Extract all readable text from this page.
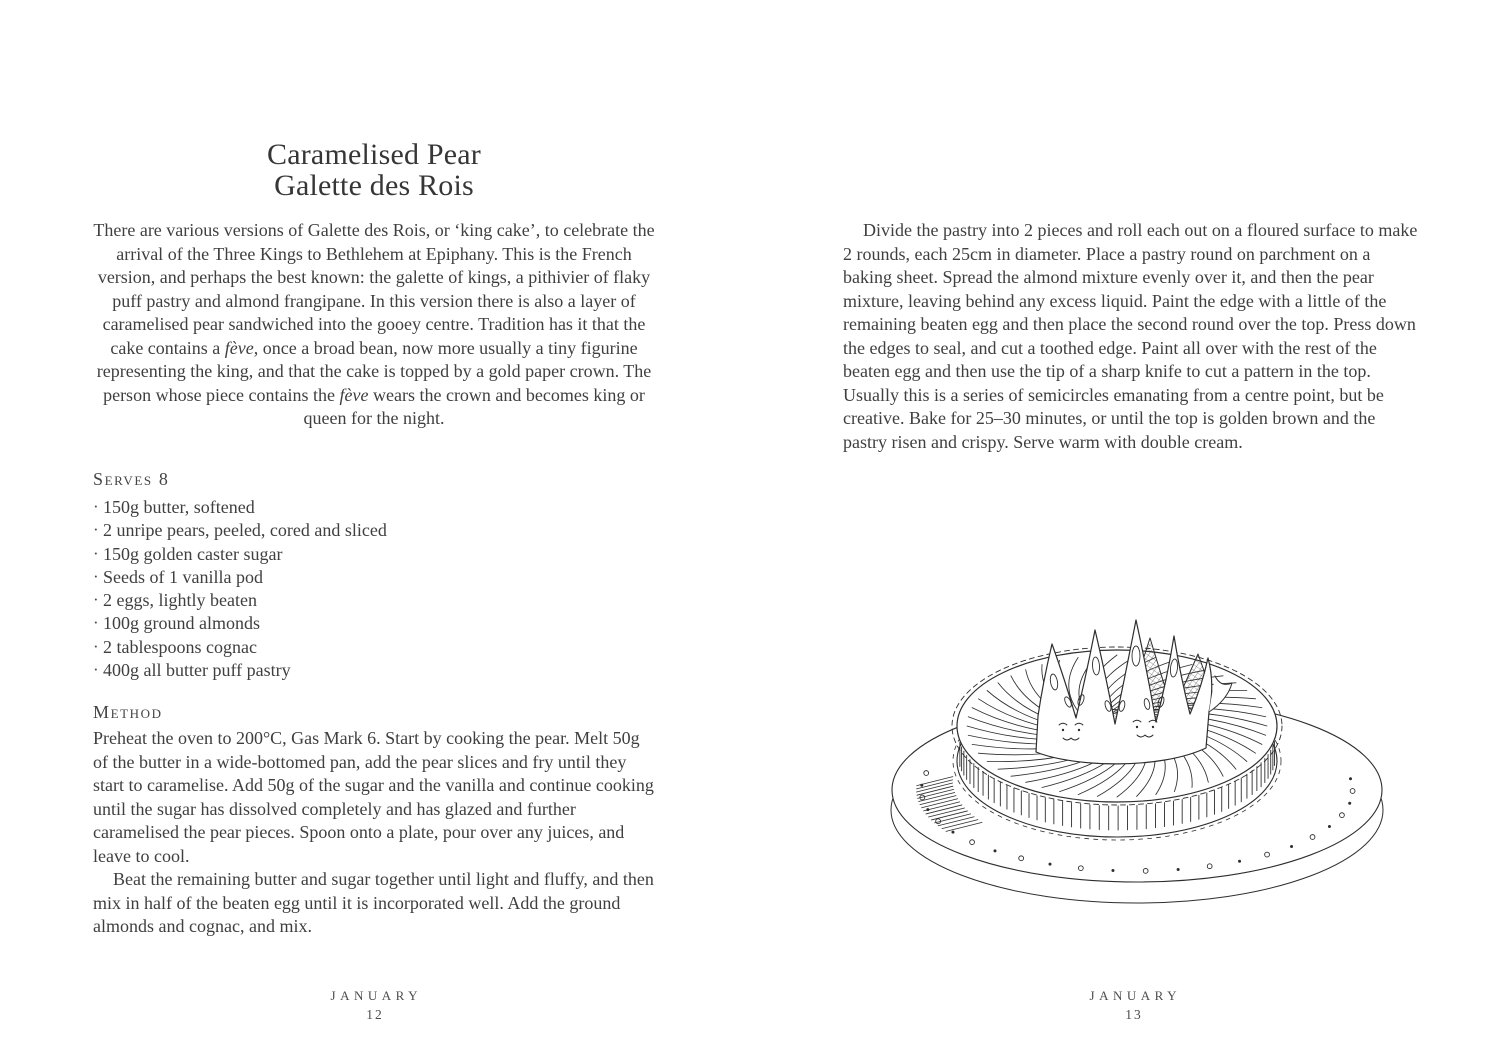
Caramelised Pear
Galette des Rois

There are various versions of Galette des Rois, or ‘king cake’, to celebrate the arrival of the Three Kings to Bethlehem at Epiphany. This is the French version, and perhaps the best known: the galette of kings, a pithivier of flaky puff pastry and almond frangipane. In this version there is also a layer of caramelised pear sandwiched into the gooey centre. Tradition has it that the cake contains a fève, once a broad bean, now more usually a tiny figurine representing the king, and that the cake is topped by a gold paper crown. The person whose piece contains the fève wears the crown and becomes king or queen for the night.

Serves 8
· 150g butter, softened
· 2 unripe pears, peeled, cored and sliced
· 150g golden caster sugar
· Seeds of 1 vanilla pod
· 2 eggs, lightly beaten
· 100g ground almonds
· 2 tablespoons cognac
· 400g all butter puff pastry
Method

Preheat the oven to 200°C, Gas Mark 6. Start by cooking the pear. Melt 50g of the butter in a wide-bottomed pan, add the pear slices and fry until they start to caramelise. Add 50g of the sugar and the vanilla and continue cooking until the sugar has dissolved completely and has glazed and further caramelised the pear pieces. Spoon onto a plate, pour over any juices, and leave to cool.

Beat the remaining butter and sugar together until light and fluffy, and then mix in half of the beaten egg until it is incorporated well. Add the ground almonds and cognac, and mix.

JANUARY
12

Divide the pastry into 2 pieces and roll each out on a floured surface to make 2 rounds, each 25cm in diameter. Place a pastry round on parchment on a baking sheet. Spread the almond mixture evenly over it, and then the pear mixture, leaving behind any excess liquid. Paint the edge with a little of the remaining beaten egg and then place the second round over the top. Press down the edges to seal, and cut a toothed edge. Paint all over with the rest of the beaten egg and then use the tip of a sharp knife to cut a pattern in the top. Usually this is a series of semicircles emanating from a centre point, but be creative. Bake for 25–30 minutes, or until the top is golden brown and the pastry risen and crispy. Serve warm with double cream.

JANUARY
13
